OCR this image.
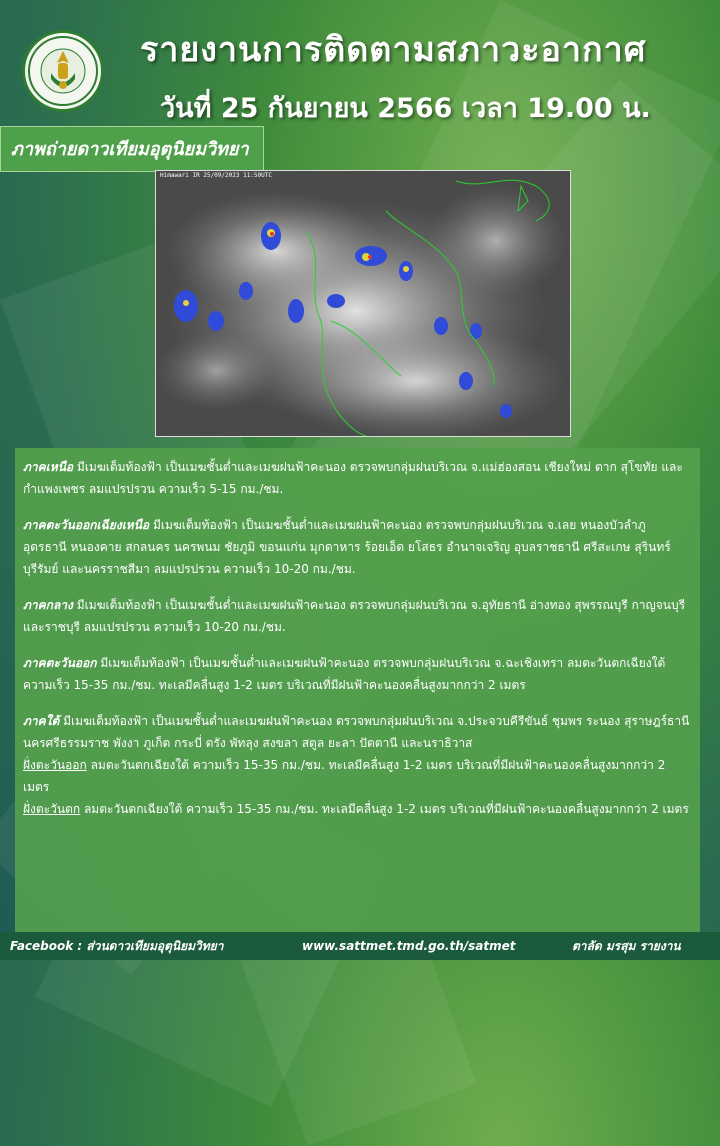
รายงานการติดตามสภาวะอากาศ
วันที่ 25 กันยายน 2566 เวลา 19.00 น.
ภาพถ่ายดาวเทียมอุตุนิยมวิทยา
Himawari IR 25/09/2023 11:50UTC
ภาคเหนือ มีเมฆเต็มท้องฟ้า เป็นเมฆชั้นต่ำและเมฆฝนฟ้าคะนอง ตรวจพบกลุ่มฝนบริเวณ จ.แม่ฮ่องสอน เชียงใหม่ ตาก สุโขทัย และกำแพงเพชร ลมแปรปรวน ความเร็ว 5-15 กม./ชม.
ภาคตะวันออกเฉียงเหนือ มีเมฆเต็มท้องฟ้า เป็นเมฆชั้นต่ำและเมฆฝนฟ้าคะนอง ตรวจพบกลุ่มฝนบริเวณ จ.เลย หนองบัวลำภู อุดรธานี หนองคาย สกลนคร นครพนม ชัยภูมิ ขอนแก่น มุกดาหาร ร้อยเอ็ด ยโสธร อำนาจเจริญ อุบลราชธานี ศรีสะเกษ สุรินทร์ บุรีรัมย์ และนครราชสีมา ลมแปรปรวน ความเร็ว 10-20 กม./ชม.
ภาคกลาง มีเมฆเต็มท้องฟ้า เป็นเมฆชั้นต่ำและเมฆฝนฟ้าคะนอง ตรวจพบกลุ่มฝนบริเวณ จ.อุทัยธานี อ่างทอง สุพรรณบุรี กาญจนบุรี และราชบุรี ลมแปรปรวน ความเร็ว 10-20 กม./ชม.
ภาคตะวันออก มีเมฆเต็มท้องฟ้า เป็นเมฆชั้นต่ำและเมฆฝนฟ้าคะนอง ตรวจพบกลุ่มฝนบริเวณ จ.ฉะเชิงเทรา ลมตะวันตกเฉียงใต้ ความเร็ว 15-35 กม./ชม. ทะเลมีคลื่นสูง 1-2 เมตร บริเวณที่มีฝนฟ้าคะนองคลื่นสูงมากกว่า 2 เมตร
ภาคใต้ มีเมฆเต็มท้องฟ้า เป็นเมฆชั้นต่ำและเมฆฝนฟ้าคะนอง ตรวจพบกลุ่มฝนบริเวณ จ.ประจวบคีรีขันธ์ ชุมพร ระนอง สุราษฎร์ธานี นครศรีธรรมราช พังงา ภูเก็ต กระบี่ ตรัง พัทลุง สงขลา สตูล ยะลา ปัตตานี และนราธิวาส
ฝั่งตะวันออก ลมตะวันตกเฉียงใต้ ความเร็ว 15-35 กม./ชม. ทะเลมีคลื่นสูง 1-2 เมตร บริเวณที่มีฝนฟ้าคะนองคลื่นสูงมากกว่า 2 เมตร
ฝั่งตะวันตก ลมตะวันตกเฉียงใต้ ความเร็ว 15-35 กม./ชม. ทะเลมีคลื่นสูง 1-2 เมตร บริเวณที่มีฝนฟ้าคะนองคลื่นสูงมากกว่า 2 เมตร
Facebook : ส่วนดาวเทียมอุตุนิยมวิทยา	www.sattmet.tmd.go.th/satmet	ตาลัด มรสุม รายงาน
